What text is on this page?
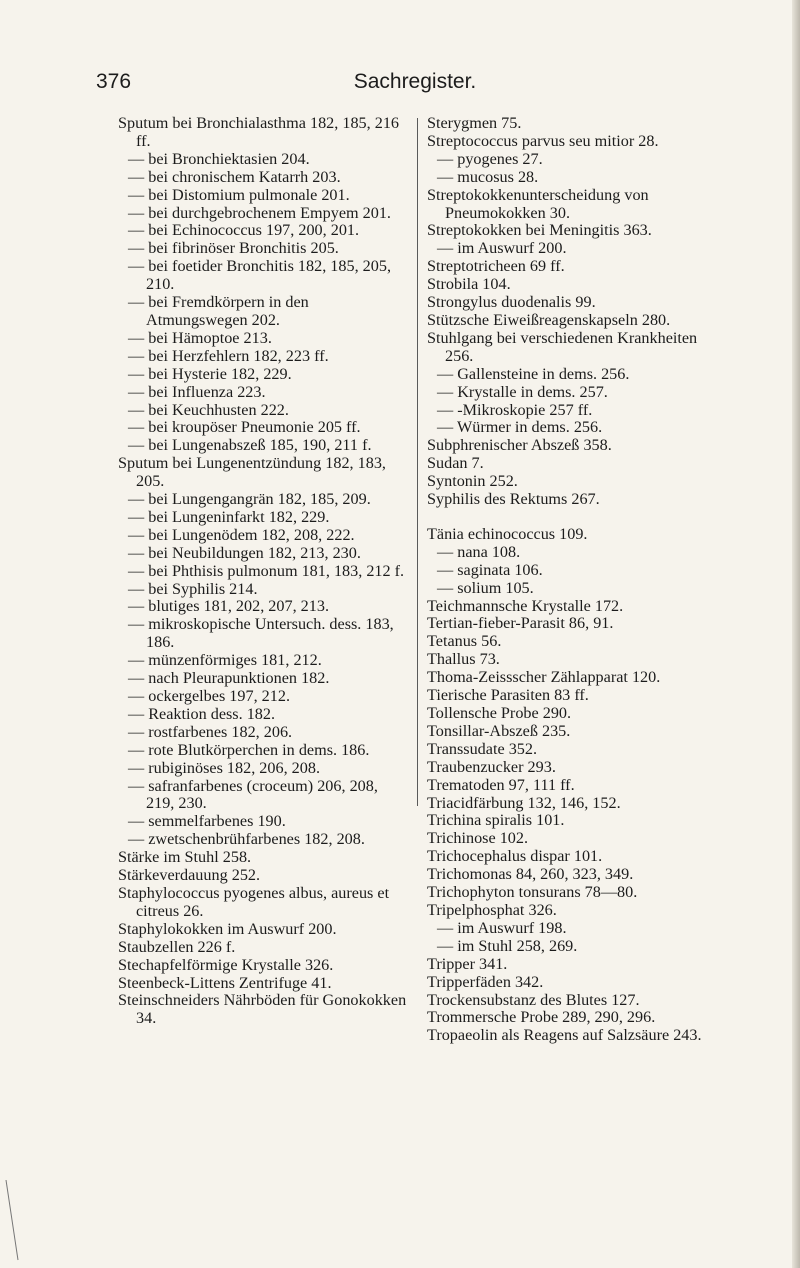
376	Sachregister.

Sputum bei Bronchialasthma 182, 185, 216 ff.

— bei Bronchiektasien 204.

— bei chronischem Katarrh 203.

— bei Distomium pulmonale 201.

— bei durchgebrochenem Empyem 201.

— bei Echinococcus 197, 200, 201.

— bei fibrinöser Bronchitis 205.

— bei foetider Bronchitis 182, 185, 205, 210.

— bei Fremdkörpern in den Atmungswegen 202.

— bei Hämoptoe 213.

— bei Herzfehlern 182, 223 ff.

— bei Hysterie 182, 229.

— bei Influenza 223.

— bei Keuchhusten 222.

— bei kroupöser Pneumonie 205 ff.

— bei Lungenabszeß 185, 190, 211 f.

Sputum bei Lungenentzündung 182, 183, 205.

— bei Lungengangrän 182, 185, 209.

— bei Lungeninfarkt 182, 229.

— bei Lungenödem 182, 208, 222.

— bei Neubildungen 182, 213, 230.

— bei Phthisis pulmonum 181, 183, 212 f.

— bei Syphilis 214.

— blutiges 181, 202, 207, 213.

— mikroskopische Untersuch. dess. 183, 186.

— münzenförmiges 181, 212.

— nach Pleurapunktionen 182.

— ockergelbes 197, 212.

— Reaktion dess. 182.

— rostfarbenes 182, 206.

— rote Blutkörperchen in dems. 186.

— rubiginöses 182, 206, 208.

— safranfarbenes (croceum) 206, 208, 219, 230.

— semmelfarbenes 190.

— zwetschenbrühfarbenes 182, 208.

Stärke im Stuhl 258.

Stärkeverdauung 252.

Staphylococcus pyogenes albus, aureus et citreus 26.

Staphylokokken im Auswurf 200.

Staubzellen 226 f.

Stechapfelförmige Krystalle 326.

Steenbeck-Littens Zentrifuge 41.

Steinschneiders Nährböden für Gonokokken 34.

Sterygmen 75.

Streptococcus parvus seu mitior 28.

— pyogenes 27.

— mucosus 28.

Streptokokkenunterscheidung von Pneumokokken 30.

Streptokokken bei Meningitis 363.

— im Auswurf 200.

Streptotricheen 69 ff.

Strobila 104.

Strongylus duodenalis 99.

Stützsche Eiweißreagenskapseln 280.

Stuhlgang bei verschiedenen Krankheiten 256.

— Gallensteine in dems. 256.

— Krystalle in dems. 257.

— -Mikroskopie 257 ff.

— Würmer in dems. 256.

Subphrenischer Abszeß 358.

Sudan 7.

Syntonin 252.

Syphilis des Rektums 267.

Tänia echinococcus 109.

— nana 108.

— saginata 106.

— solium 105.

Teichmannsche Krystalle 172.

Tertian-fieber-Parasit 86, 91.

Tetanus 56.

Thallus 73.

Thoma-Zeissscher Zählapparat 120.

Tierische Parasiten 83 ff.

Tollensche Probe 290.

Tonsillar-Abszeß 235.

Transsudate 352.

Traubenzucker 293.

Trematoden 97, 111 ff.

Triacidfärbung 132, 146, 152.

Trichina spiralis 101.

Trichinose 102.

Trichocephalus dispar 101.

Trichomonas 84, 260, 323, 349.

Trichophyton tonsurans 78—80.

Tripelphosphat 326.

— im Auswurf 198.

— im Stuhl 258, 269.

Tripper 341.

Tripperfäden 342.

Trockensubstanz des Blutes 127.

Trommersche Probe 289, 290, 296.

Tropaeolin als Reagens auf Salzsäure 243.
